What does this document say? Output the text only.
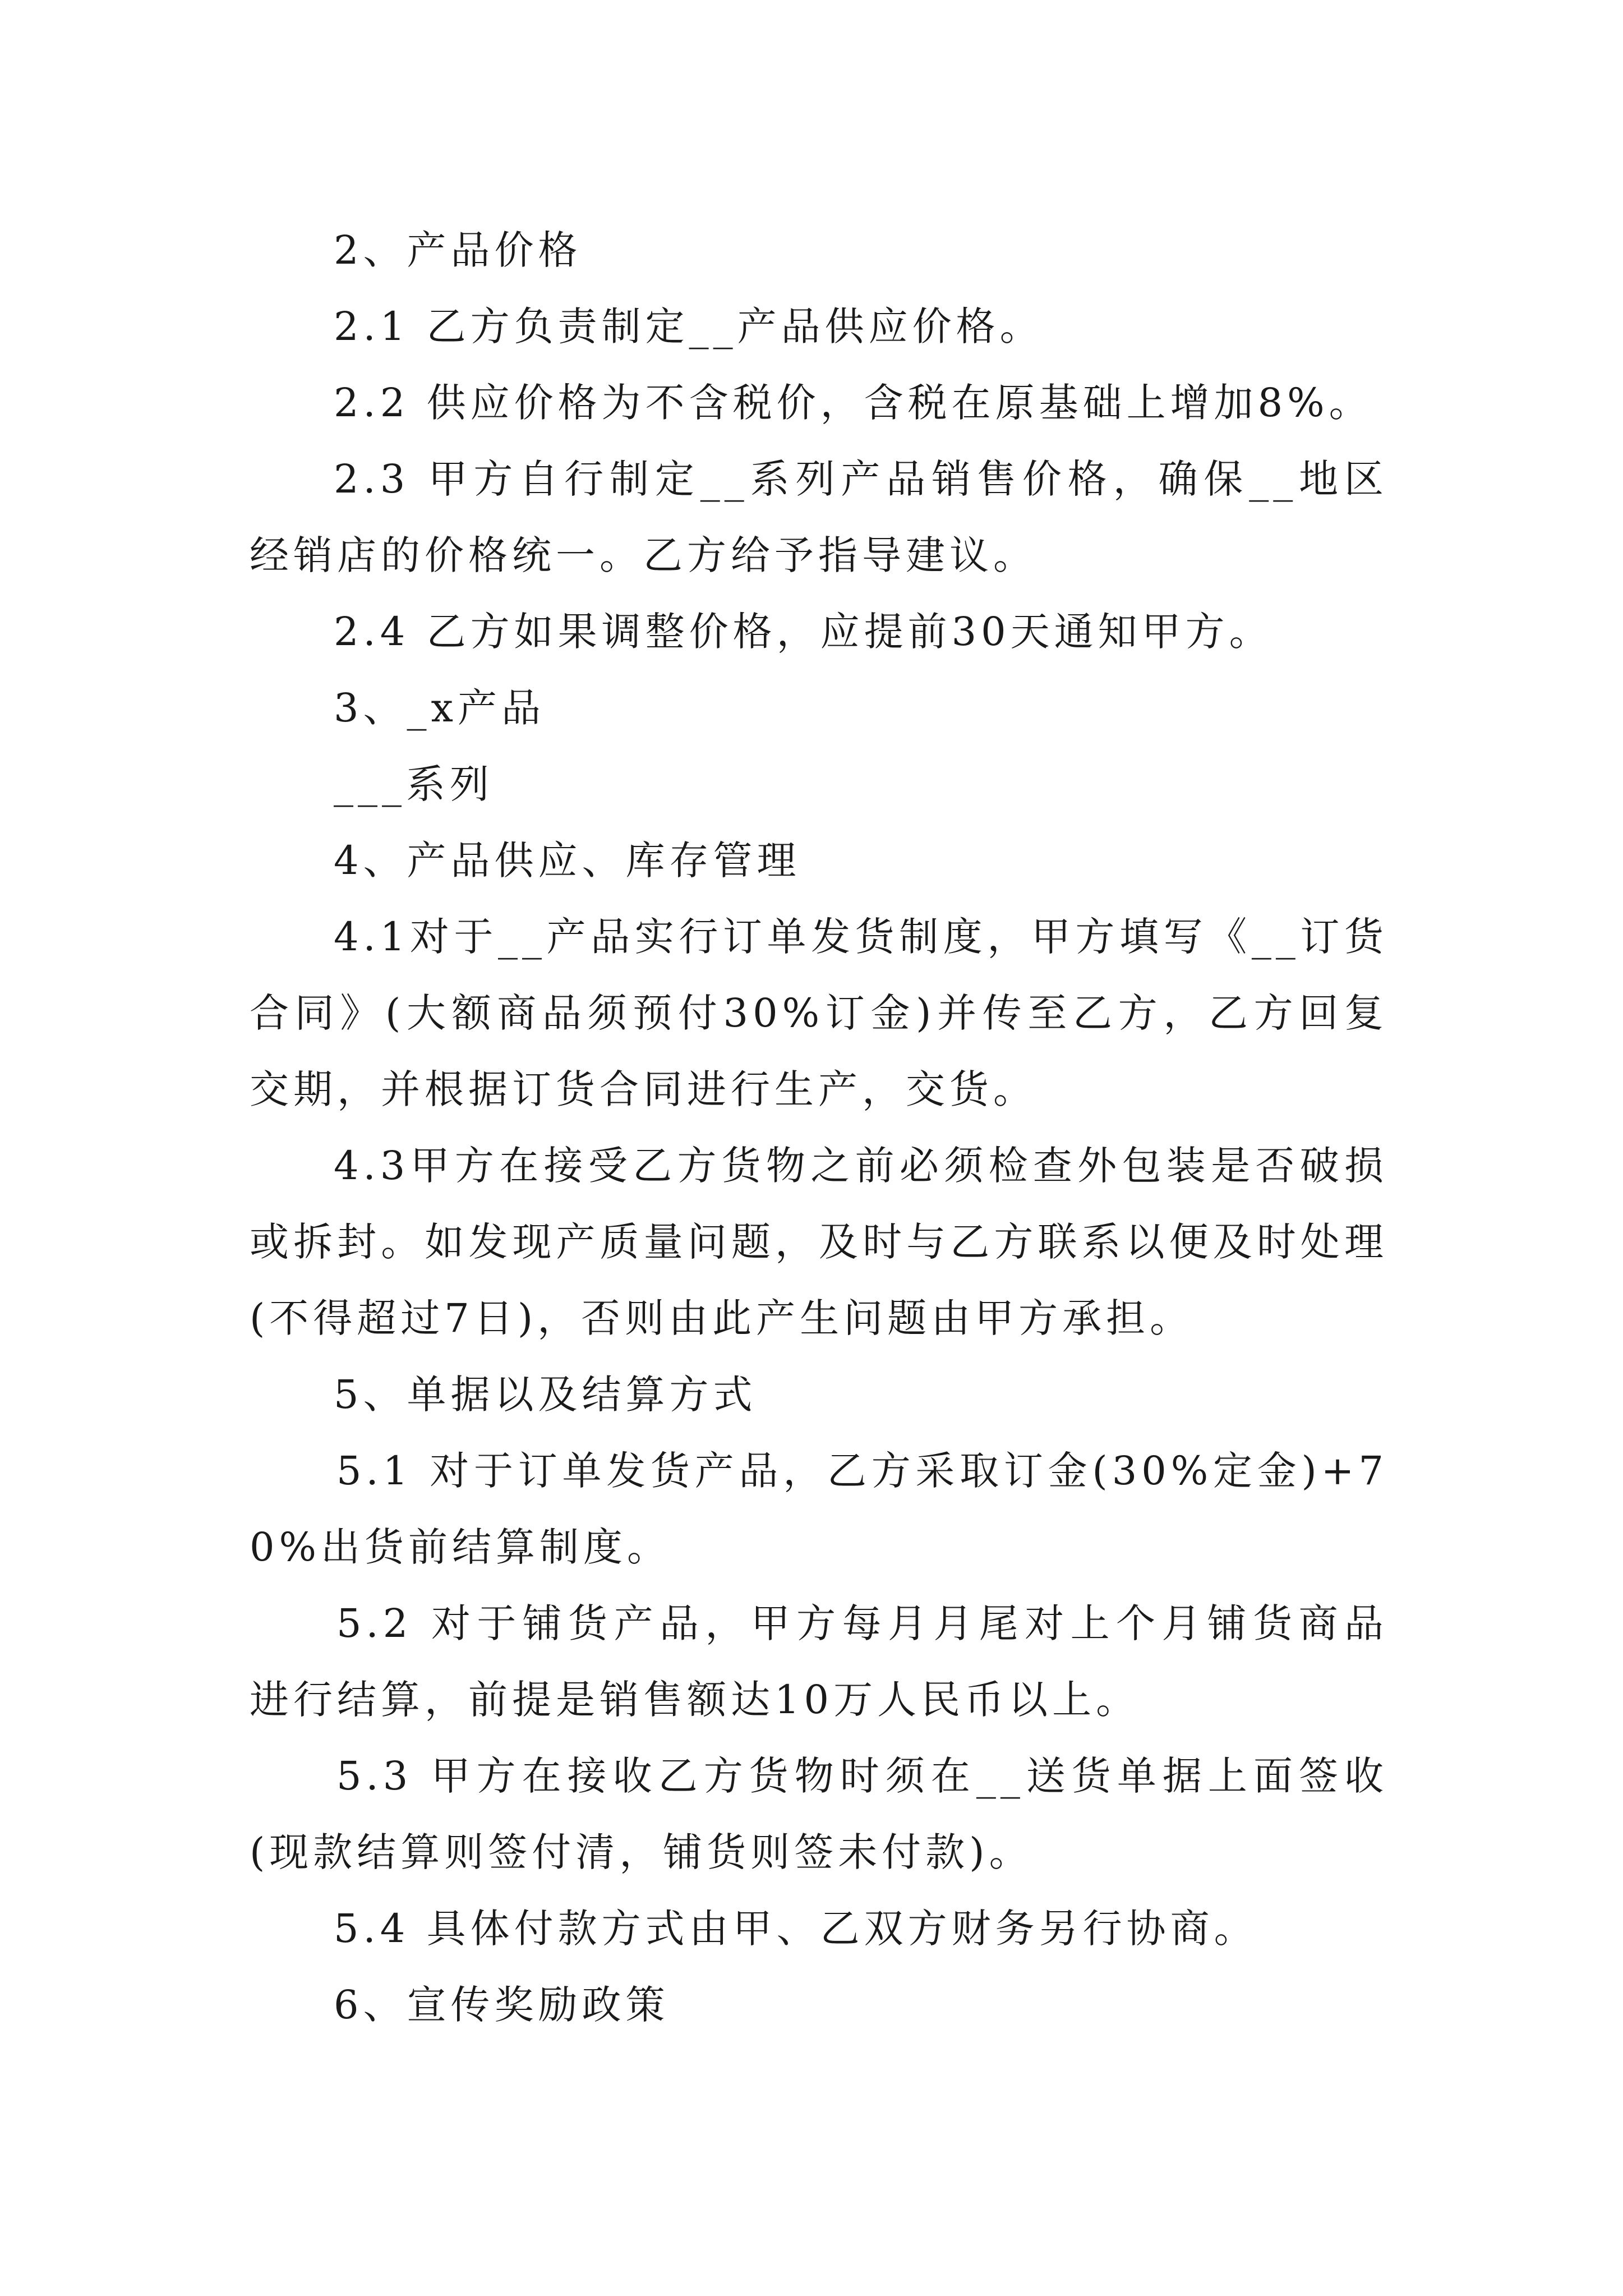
2、产品价格

2.1 乙方负责制定__产品供应价格。

2.2 供应价格为不含税价，含税在原基础上增加8%。

2.3 甲方自行制定__系列产品销售价格，确保__地区经销店的价格统一。乙方给予指导建议。

2.4 乙方如果调整价格，应提前30天通知甲方。

3、_x产品

___系列

4、产品供应、库存管理

4.1对于__产品实行订单发货制度，甲方填写《__订货合同》(大额商品须预付30%订金)并传至乙方，乙方回复交期，并根据订货合同进行生产，交货。

4.3甲方在接受乙方货物之前必须检查外包装是否破损或拆封。如发现产质量问题，及时与乙方联系以便及时处理(不得超过7日)，否则由此产生问题由甲方承担。

5、单据以及结算方式

5.1 对于订单发货产品，乙方采取订金(30%定金)+70%出货前结算制度。

5.2 对于铺货产品，甲方每月月尾对上个月铺货商品进行结算，前提是销售额达10万人民币以上。

5.3 甲方在接收乙方货物时须在__送货单据上面签收(现款结算则签付清，铺货则签未付款)。

5.4 具体付款方式由甲、乙双方财务另行协商。

6、宣传奖励政策
